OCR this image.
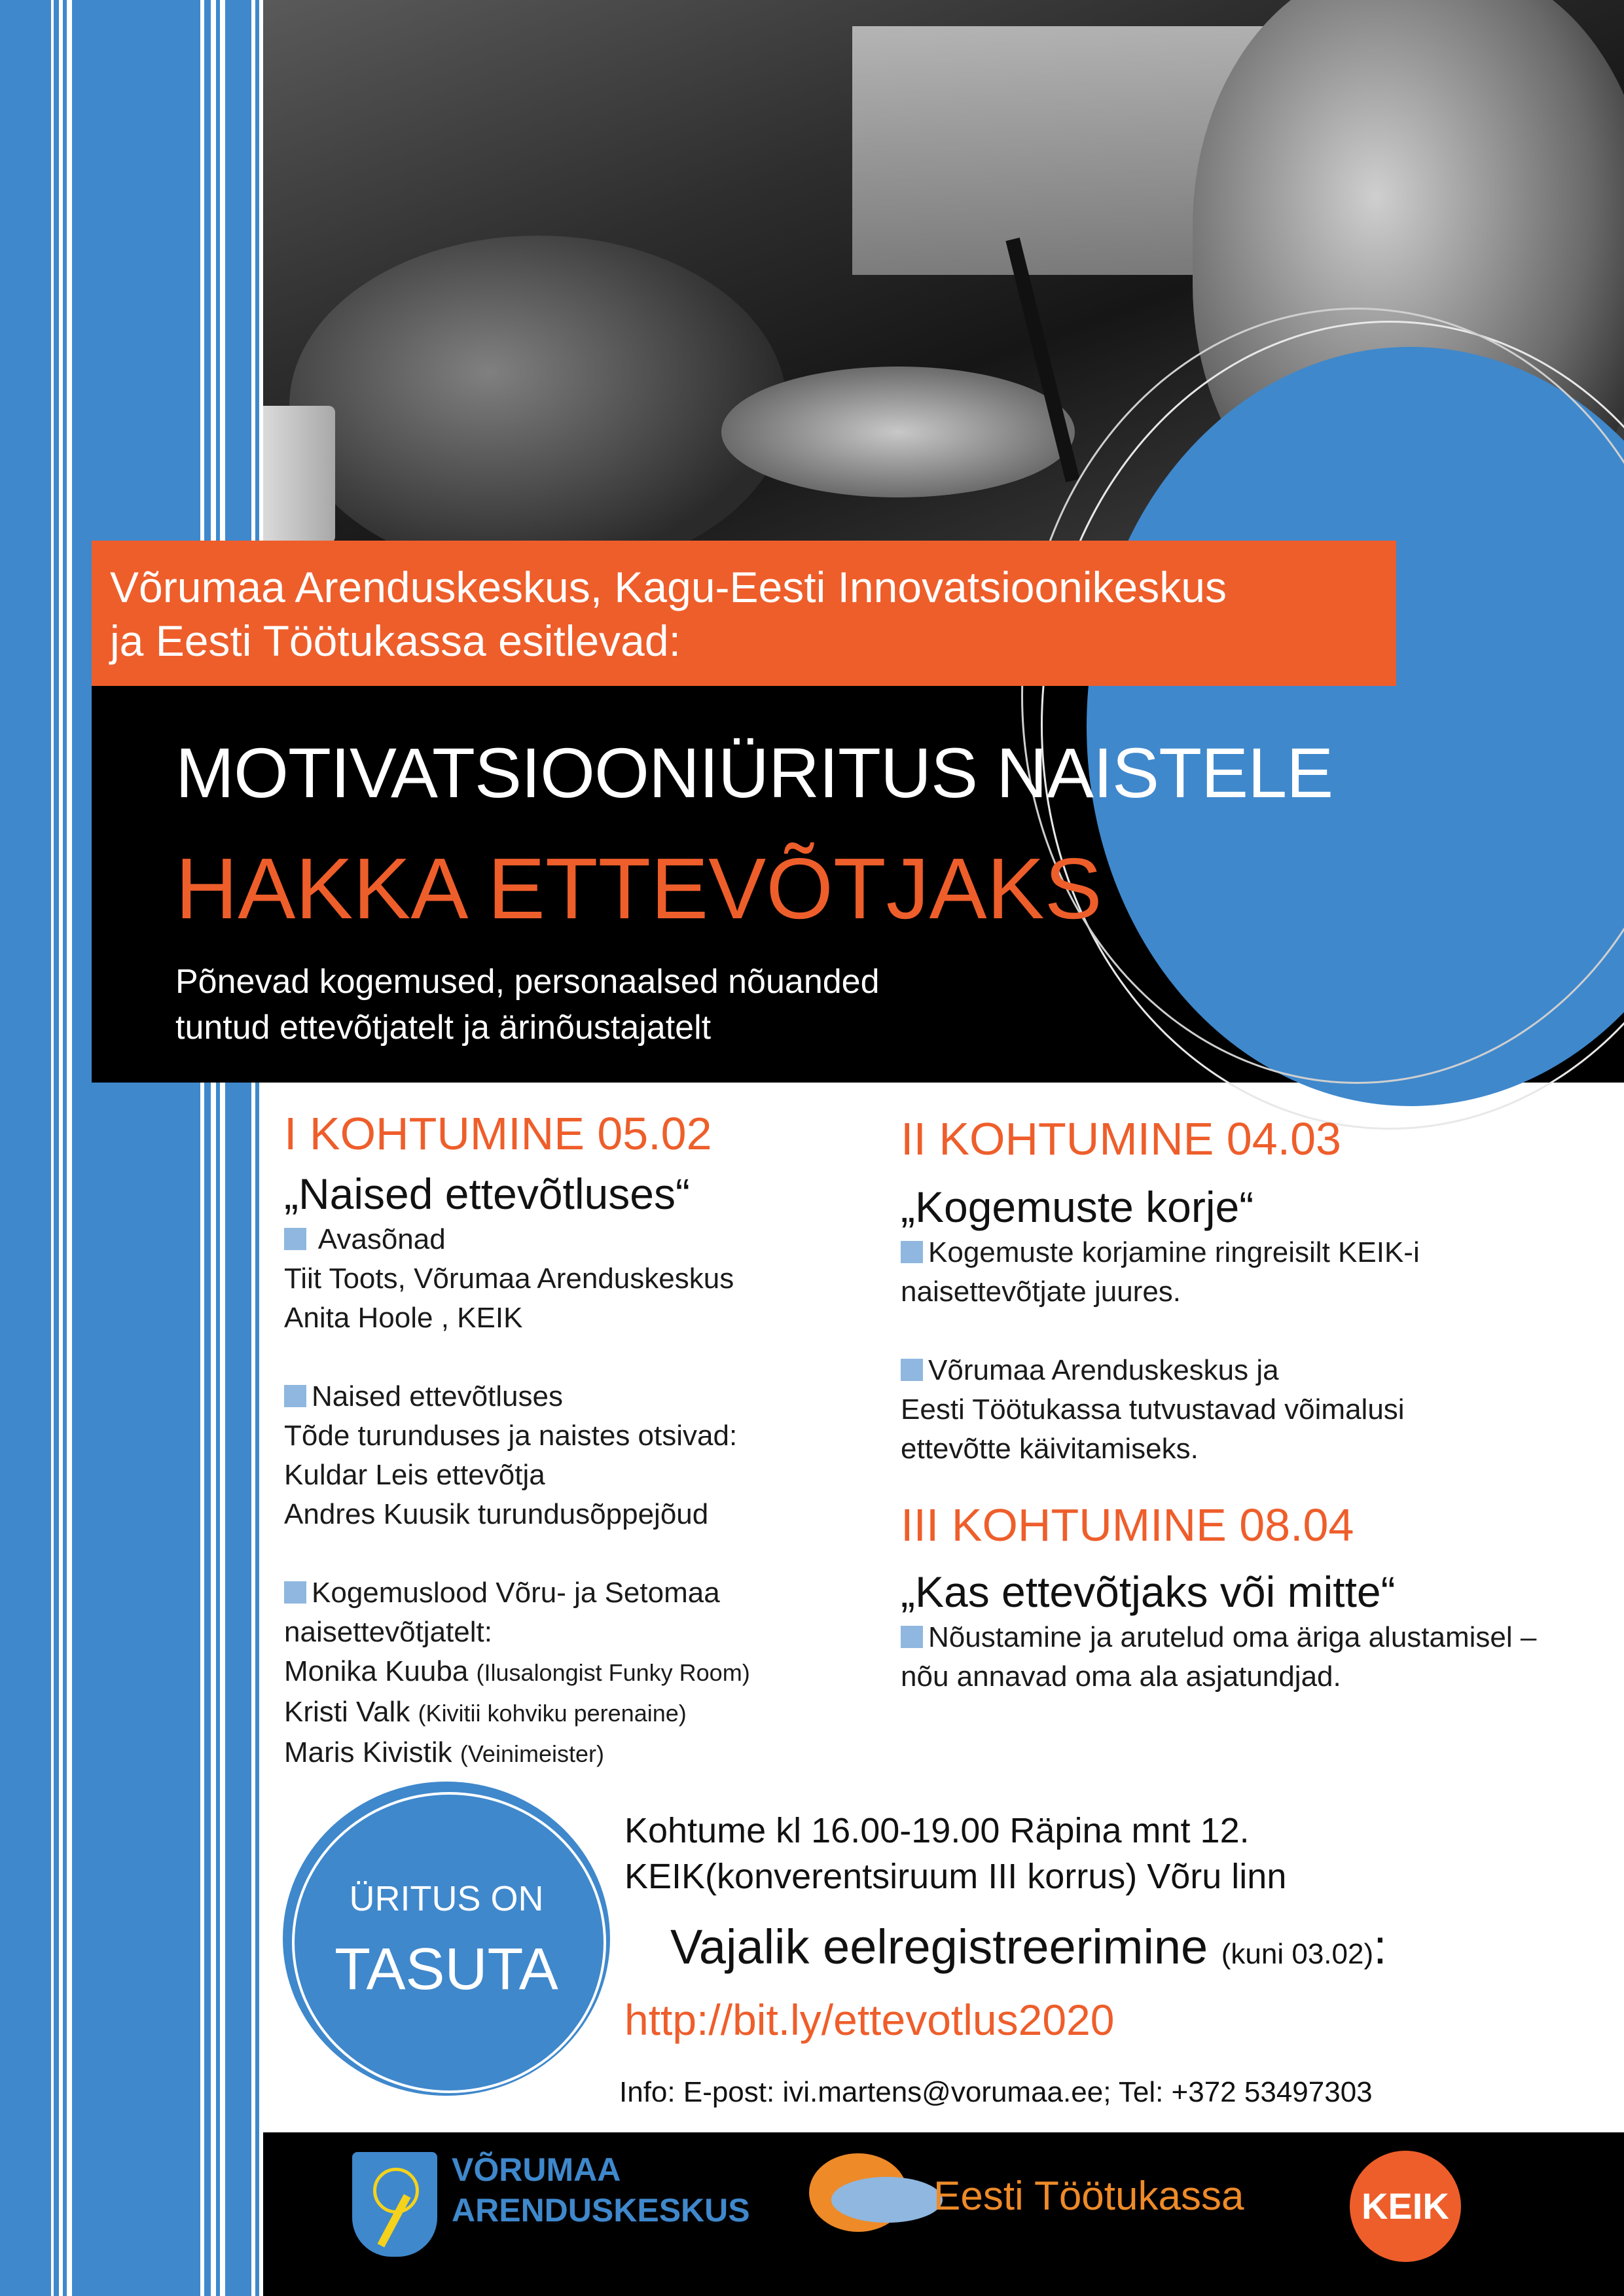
Võrumaa Arenduskeskus, Kagu-Eesti Innovatsioonikeskus
ja Eesti Töötukassa esitlevad:
MOTIVATSIOONIÜRITUS NAISTELE
HAKKA ETTEVÕTJAKS
Põnevad kogemused, personaalsed nõuanded
tuntud ettevõtjatelt ja ärinõustajatelt
I KOHTUMINE 05.02
„Naised ettevõtluses“
Avasõnad
Tiit Toots, Võrumaa Arenduskeskus
Anita Hoole , KEIK
Naised ettevõtluses
Tõde turunduses ja naistes otsivad:
Kuldar Leis ettevõtja
Andres Kuusik turundusõppejõud
Kogemuslood Võru- ja Setomaa
naisettevõtjatelt:
Monika Kuuba (Ilusalongist Funky Room)
Kristi Valk (Kivitii kohviku perenaine)
Maris Kivistik (Veinimeister)
II KOHTUMINE 04.03
„Kogemuste korje“
Kogemuste korjamine ringreisilt KEIK-i
naisettevõtjate juures.
Võrumaa Arenduskeskus ja
Eesti Töötukassa tutvustavad võimalusi
ettevõtte käivitamiseks.
III KOHTUMINE 08.04
„Kas ettevõtjaks või mitte“
Nõustamine ja arutelud oma äriga alustamisel –
nõu annavad oma ala asjatundjad.
ÜRITUS ON
TASUTA
Kohtume kl 16.00-19.00 Räpina mnt 12.
KEIK(konverentsiruum III korrus) Võru linn
Vajalik eelregistreerimine (kuni 03.02):
http://bit.ly/ettevotlus2020
Info: E-post: ivi.martens@vorumaa.ee; Tel: +372 53497303
VÕRUMAA
ARENDUSKESKUS	Eesti Töötukassa	KEIK
